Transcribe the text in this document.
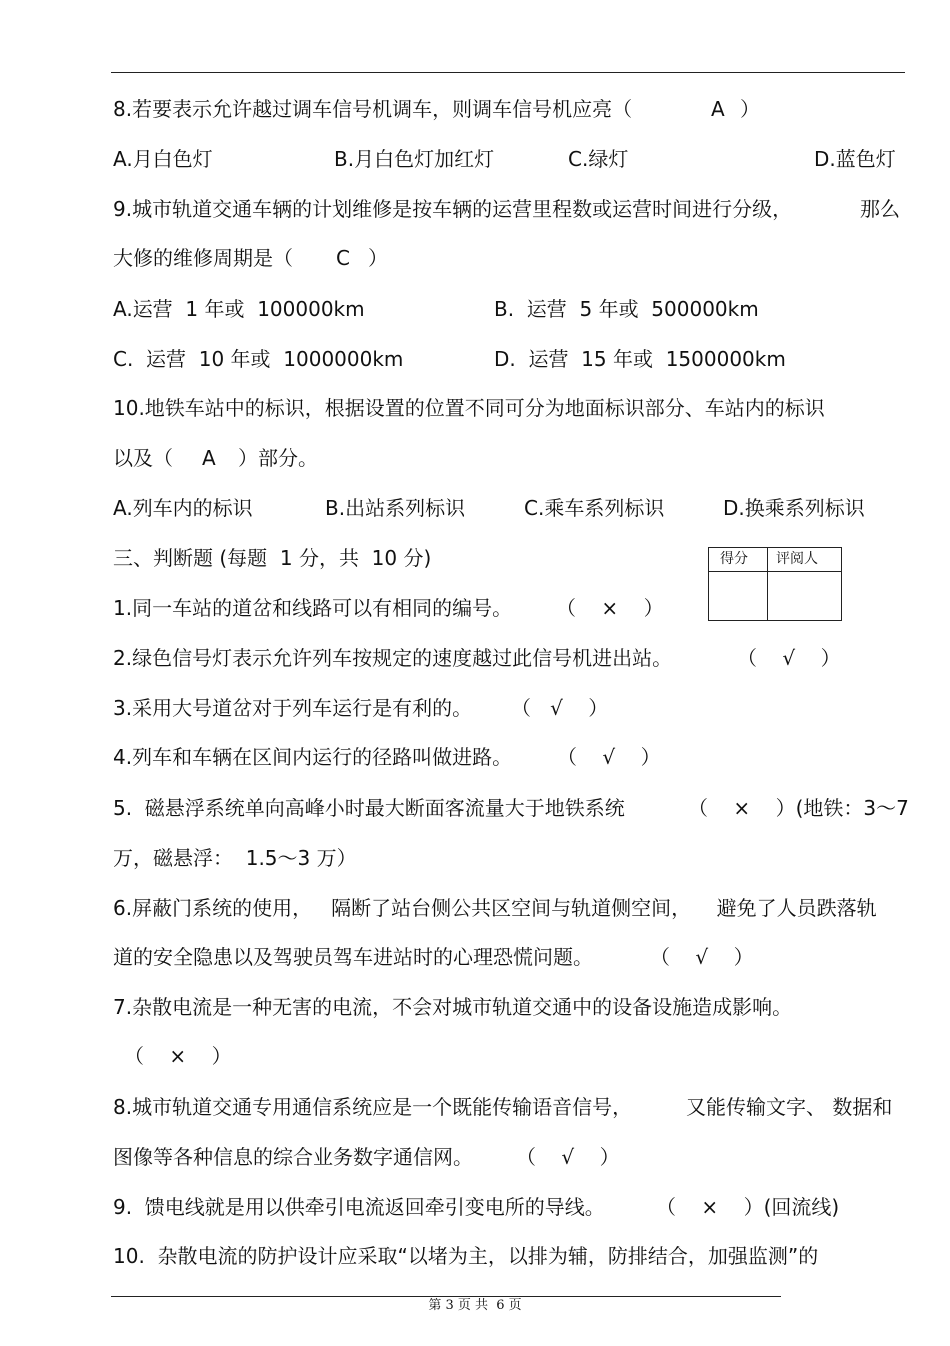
8.若要表示允许越过调车信号机调车，则调车信号机应亮（	A ）
A.月白色灯	B.月白色灯加红灯	C.绿灯	D.蓝色灯
9.城市轨道交通车辆的计划维修是按车辆的运营里程数或运营时间进行分级，	那么
大修的维修周期是（ C ）
A.运营  1 年或  100000km	B.  运营  5 年或  500000km
C.  运营  10 年或  1000000km	D.  运营  15 年或  1500000km
10.地铁车站中的标识，根据设置的位置不同可分为地面标识部分、车站内的标识
以及（ A ）部分。
A.列车内的标识	B.出站系列标识	C.乘车系列标识	D.换乘系列标识
三、判断题 (每题  1 分，共  10 分)	得分 评阅人
1.同一车站的道岔和线路可以有相同的编号。 （    ×    ）
2.绿色信号灯表示允许列车按规定的速度越过此信号机进出站。	（    √    ）
3.采用大号道岔对于列车运行是有利的。 （   √    ）
4.列车和车辆在区间内运行的径路叫做进路。 （    √    ）
5.  磁悬浮系统单向高峰小时最大断面客流量大于地铁系统	（    ×    ）(地铁：3～7
万，磁悬浮：  1.5～3 万）
6.屏蔽门系统的使用，   隔断了站台侧公共区空间与轨道侧空间，    避免了人员跌落轨
道的安全隐患以及驾驶员驾车进站时的心理恐慌问题。	（    √    ）
7.杂散电流是一种无害的电流，不会对城市轨道交通中的设备设施造成影响。
（    ×    ）
8.城市轨道交通专用通信系统应是一个既能传输语音信号，	又能传输文字、 数据和
图像等各种信息的综合业务数字通信网。 （    √    ）
9.  馈电线就是用以供牵引电流返回牵引变电所的导线。	（    ×    ）(回流线)
10.  杂散电流的防护设计应采取“以堵为主，以排为辅，防排结合，加强监测”的
第 3 页 共  6 页
